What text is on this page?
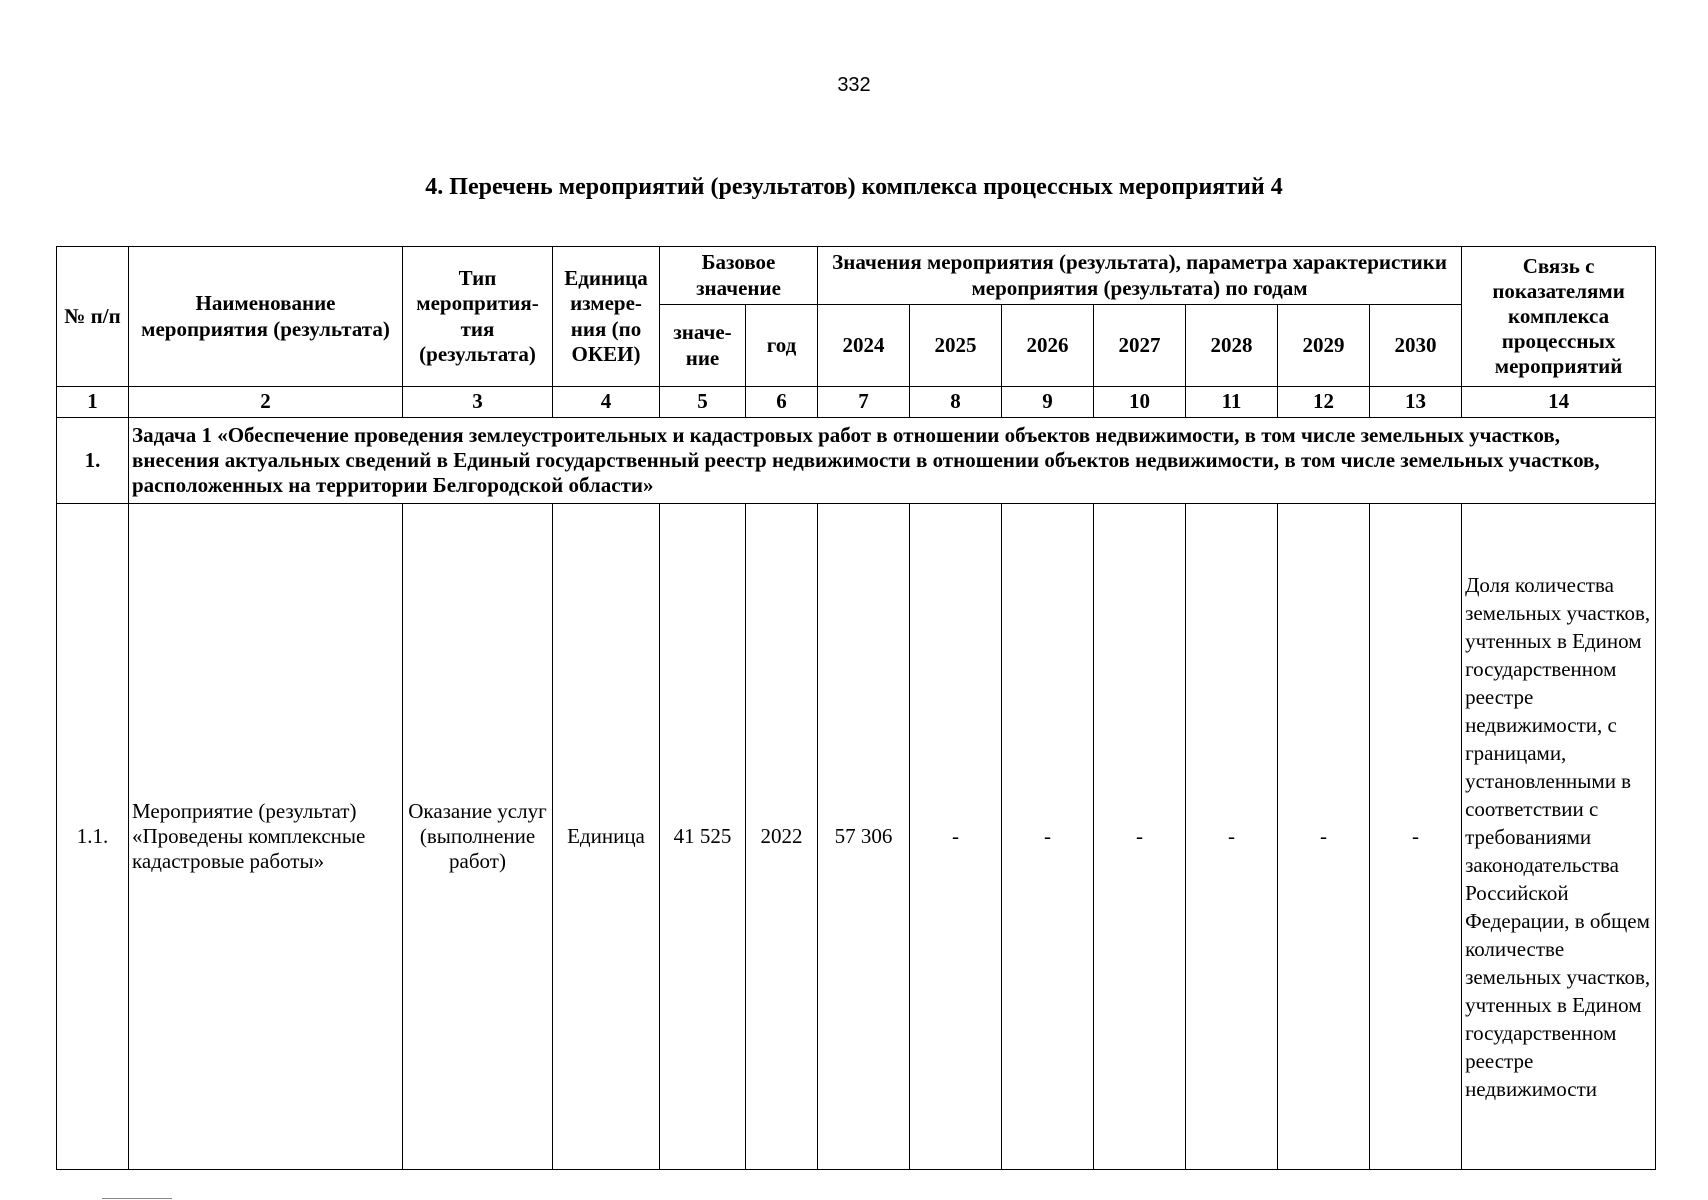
332
4. Перечень мероприятий (результатов) комплекса процессных мероприятий 4
№ п/п	Наименование мероприятия (результата)	Тип меропрития-тия (результата)	Единица измере-ния (по ОКЕИ)	Базовое значение		Значения мероприятия (результата), параметра характеристики мероприятия (результата) по годам							Связь с показателями комплекса процессных мероприятий
				значе-ние	год	2024	2025	2026	2027	2028	2029	2030	
1	2	3	4	5	6	7	8	9	10	11	12	13	14
1.	Задача 1 «Обеспечение проведения землеустроительных и кадастровых работ в отношении объектов недвижимости, в том числе земельных участков, внесения актуальных сведений в Единый государственный реестр недвижимости в отношении объектов недвижимости, в том числе земельных участков, расположенных на территории Белгородской области»												
1.1.	Мероприятие (результат) «Проведены комплексные кадастровые работы»	Оказание услуг (выполнение работ)	Единица	41 525	2022	57 306	-	-	-	-	-	-	Доля количества земельных участков, учтенных в Едином государственном реестре недвижимости, с границами, установленными в соответствии с требованиями законодательства Российской Федерации, в общем количестве земельных участков, учтенных в Едином государственном реестре недвижимости
